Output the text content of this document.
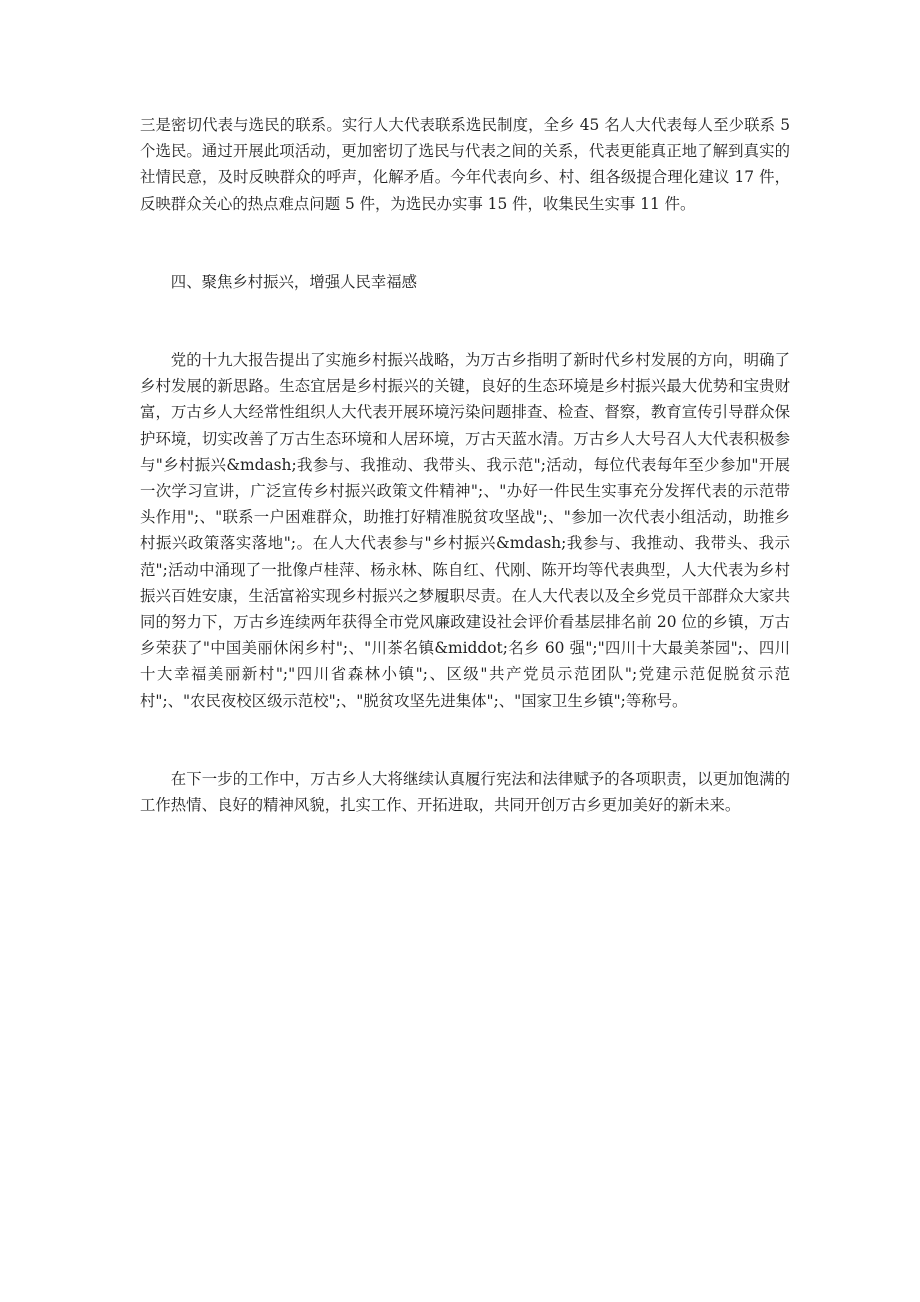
三是密切代表与选民的联系。实行人大代表联系选民制度，全乡 45 名人大代表每人至少联系 5 个选民。通过开展此项活动，更加密切了选民与代表之间的关系，代表更能真正地了解到真实的社情民意，及时反映群众的呼声，化解矛盾。今年代表向乡、村、组各级提合理化建议 17 件，反映群众关心的热点难点问题 5 件，为选民办实事 15 件，收集民生实事 11 件。

四、聚焦乡村振兴，增强人民幸福感

党的十九大报告提出了实施乡村振兴战略，为万古乡指明了新时代乡村发展的方向，明确了乡村发展的新思路。生态宜居是乡村振兴的关键，良好的生态环境是乡村振兴最大优势和宝贵财富，万古乡人大经常性组织人大代表开展环境污染问题排查、检查、督察，教育宣传引导群众保护环境，切实改善了万古生态环境和人居环境，万古天蓝水清。万古乡人大号召人大代表积极参与"乡村振兴&mdash;我参与、我推动、我带头、我示范";活动，每位代表每年至少参加"开展一次学习宣讲，广泛宣传乡村振兴政策文件精神";、"办好一件民生实事充分发挥代表的示范带头作用";、"联系一户困难群众，助推打好精准脱贫攻坚战";、"参加一次代表小组活动，助推乡村振兴政策落实落地";。在人大代表参与"乡村振兴&mdash;我参与、我推动、我带头、我示范";活动中涌现了一批像卢桂萍、杨永林、陈自红、代刚、陈开均等代表典型，人大代表为乡村振兴百姓安康，生活富裕实现乡村振兴之梦履职尽责。在人大代表以及全乡党员干部群众大家共同的努力下，万古乡连续两年获得全市党风廉政建设社会评价看基层排名前 20 位的乡镇，万古乡荣获了"中国美丽休闲乡村";、"川茶名镇&middot;名乡 60 强";"四川十大最美茶园";、四川十大幸福美丽新村";"四川省森林小镇";、区级"共产党员示范团队";党建示范促脱贫示范村";、"农民夜校区级示范校";、"脱贫攻坚先进集体";、"国家卫生乡镇";等称号。

在下一步的工作中，万古乡人大将继续认真履行宪法和法律赋予的各项职责，以更加饱满的工作热情、良好的精神风貌，扎实工作、开拓进取，共同开创万古乡更加美好的新未来。
